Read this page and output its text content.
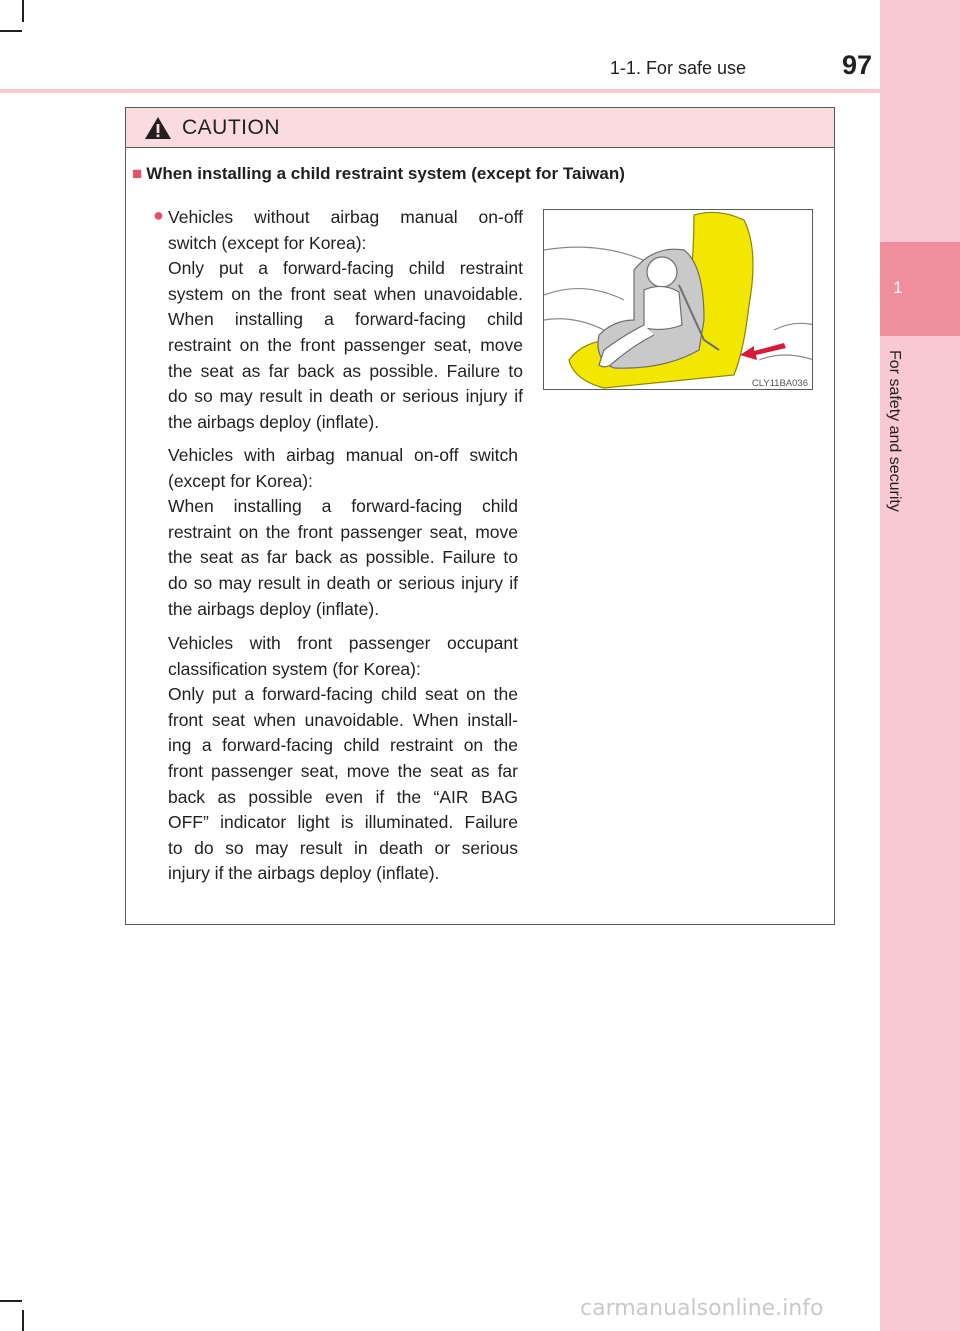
1
For safety and security
1-1. For safe use	97
CAUTION
■ When installing a child restraint system (except for Taiwan)
● Vehicles without airbag manual on-off
switch (except for Korea):
Only put a forward-facing child restraint
system on the front seat when unavoidable.
When installing a forward-facing child
restraint on the front passenger seat, move
the seat as far back as possible. Failure to
do so may result in death or serious injury if
the airbags deploy (inflate).
Vehicles with airbag manual on-off switch
(except for Korea):
When installing a forward-facing child
restraint on the front passenger seat, move
the seat as far back as possible. Failure to
do so may result in death or serious injury if
the airbags deploy (inflate).
Vehicles with front passenger occupant
classification system (for Korea):
Only put a forward-facing child seat on the
front seat when unavoidable. When install-
ing a forward-facing child restraint on the
front passenger seat, move the seat as far
back as possible even if the “AIR BAG
OFF” indicator light is illuminated. Failure
to do so may result in death or serious
injury if the airbags deploy (inflate).
CLY11BA036
carmanualsonline.info
